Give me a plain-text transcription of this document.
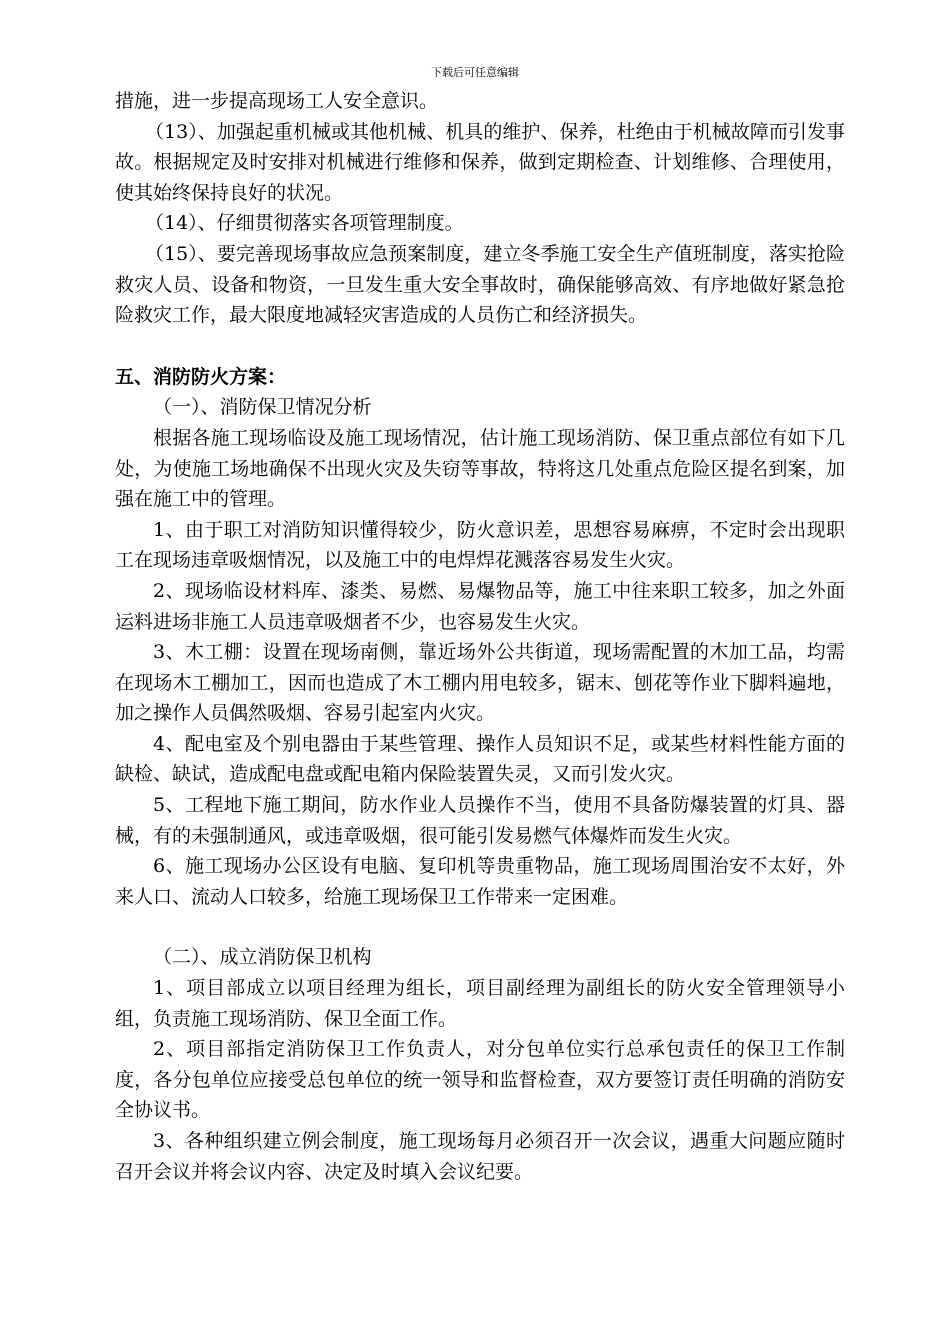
下载后可任意编辑

措施，进一步提高现场工人安全意识。

（13）、加强起重机械或其他机械、机具的维护、保养，杜绝由于机械故障而引发事故。根据规定及时安排对机械进行维修和保养，做到定期检查、计划维修、合理使用，使其始终保持良好的状况。

（14）、仔细贯彻落实各项管理制度。

（15）、要完善现场事故应急预案制度，建立冬季施工安全生产值班制度，落实抢险救灾人员、设备和物资，一旦发生重大安全事故时，确保能够高效、有序地做好紧急抢险救灾工作，最大限度地减轻灾害造成的人员伤亡和经济损失。

五、消防防火方案：

（一）、消防保卫情况分析

根据各施工现场临设及施工现场情况，估计施工现场消防、保卫重点部位有如下几处，为使施工场地确保不出现火灾及失窃等事故，特将这几处重点危险区提名到案，加强在施工中的管理。

1、由于职工对消防知识懂得较少，防火意识差，思想容易麻痹，不定时会出现职工在现场违章吸烟情况，以及施工中的电焊焊花溅落容易发生火灾。

2、现场临设材料库、漆类、易燃、易爆物品等，施工中往来职工较多，加之外面运料进场非施工人员违章吸烟者不少，也容易发生火灾。

3、木工棚：设置在现场南侧，靠近场外公共街道，现场需配置的木加工品，均需在现场木工棚加工，因而也造成了木工棚内用电较多，锯末、刨花等作业下脚料遍地，加之操作人员偶然吸烟、容易引起室内火灾。

4、配电室及个别电器由于某些管理、操作人员知识不足，或某些材料性能方面的缺检、缺试，造成配电盘或配电箱内保险装置失灵，又而引发火灾。

5、工程地下施工期间，防水作业人员操作不当，使用不具备防爆装置的灯具、器械，有的未强制通风，或违章吸烟，很可能引发易燃气体爆炸而发生火灾。

6、施工现场办公区设有电脑、复印机等贵重物品，施工现场周围治安不太好，外来人口、流动人口较多，给施工现场保卫工作带来一定困难。

（二）、成立消防保卫机构

1、项目部成立以项目经理为组长，项目副经理为副组长的防火安全管理领导小组，负责施工现场消防、保卫全面工作。

2、项目部指定消防保卫工作负责人，对分包单位实行总承包责任的保卫工作制度，各分包单位应接受总包单位的统一领导和监督检查，双方要签订责任明确的消防安全协议书。

3、各种组织建立例会制度，施工现场每月必须召开一次会议，遇重大问题应随时召开会议并将会议内容、决定及时填入会议纪要。
